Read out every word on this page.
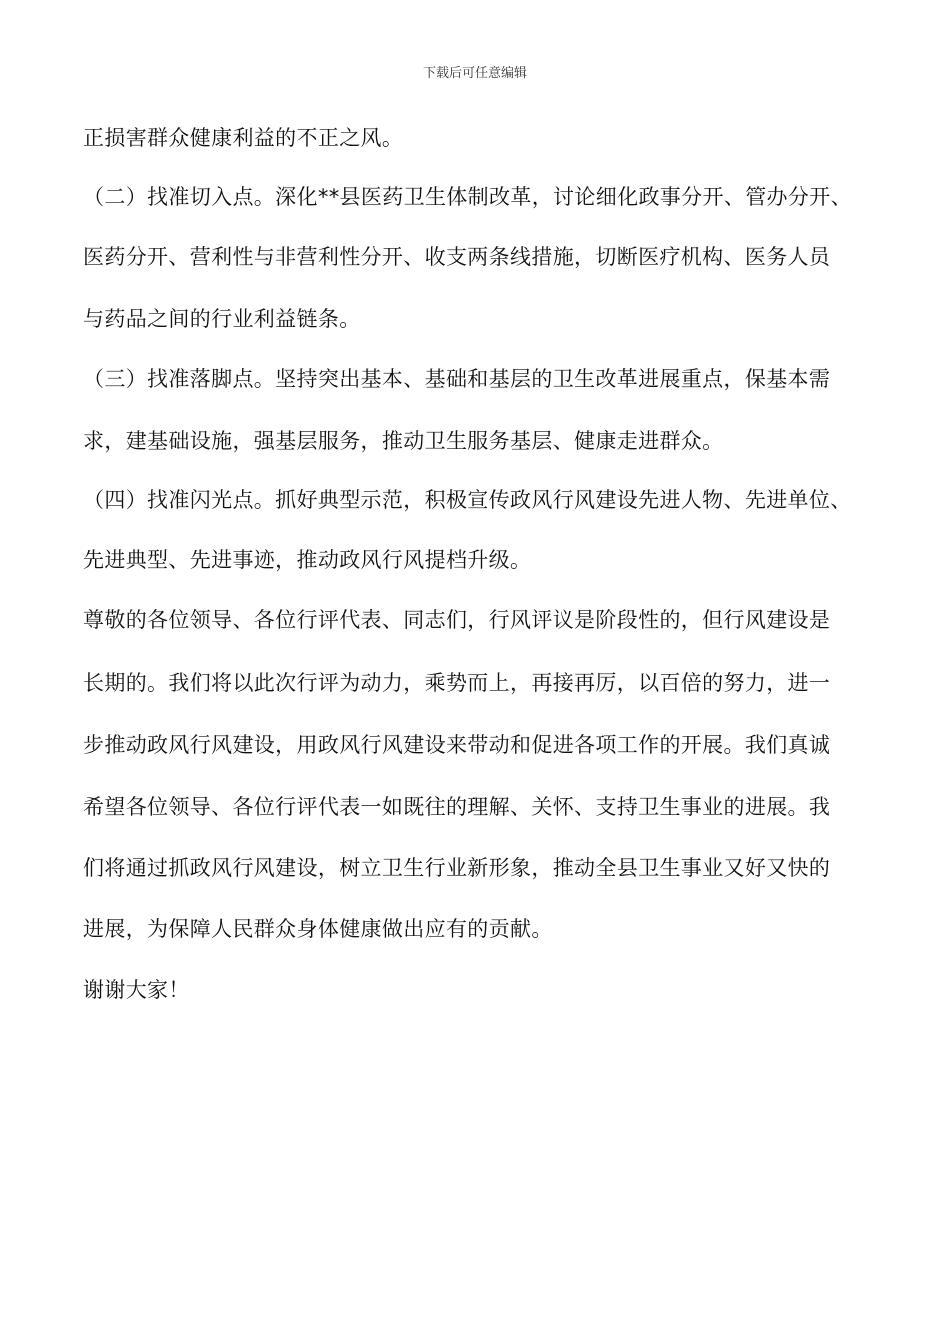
下载后可任意编辑
正损害群众健康利益的不正之风。
（二）找准切入点。深化**县医药卫生体制改革，讨论细化政事分开、管办分开、
医药分开、营利性与非营利性分开、收支两条线措施，切断医疗机构、医务人员
与药品之间的行业利益链条。
（三）找准落脚点。坚持突出基本、基础和基层的卫生改革进展重点，保基本需
求，建基础设施，强基层服务，推动卫生服务基层、健康走进群众。
（四）找准闪光点。抓好典型示范，积极宣传政风行风建设先进人物、先进单位、
先进典型、先进事迹，推动政风行风提档升级。
尊敬的各位领导、各位行评代表、同志们，行风评议是阶段性的，但行风建设是
长期的。我们将以此次行评为动力，乘势而上，再接再厉，以百倍的努力，进一
步推动政风行风建设，用政风行风建设来带动和促进各项工作的开展。我们真诚
希望各位领导、各位行评代表一如既往的理解、关怀、支持卫生事业的进展。我
们将通过抓政风行风建设，树立卫生行业新形象，推动全县卫生事业又好又快的
进展，为保障人民群众身体健康做出应有的贡献。
谢谢大家！
